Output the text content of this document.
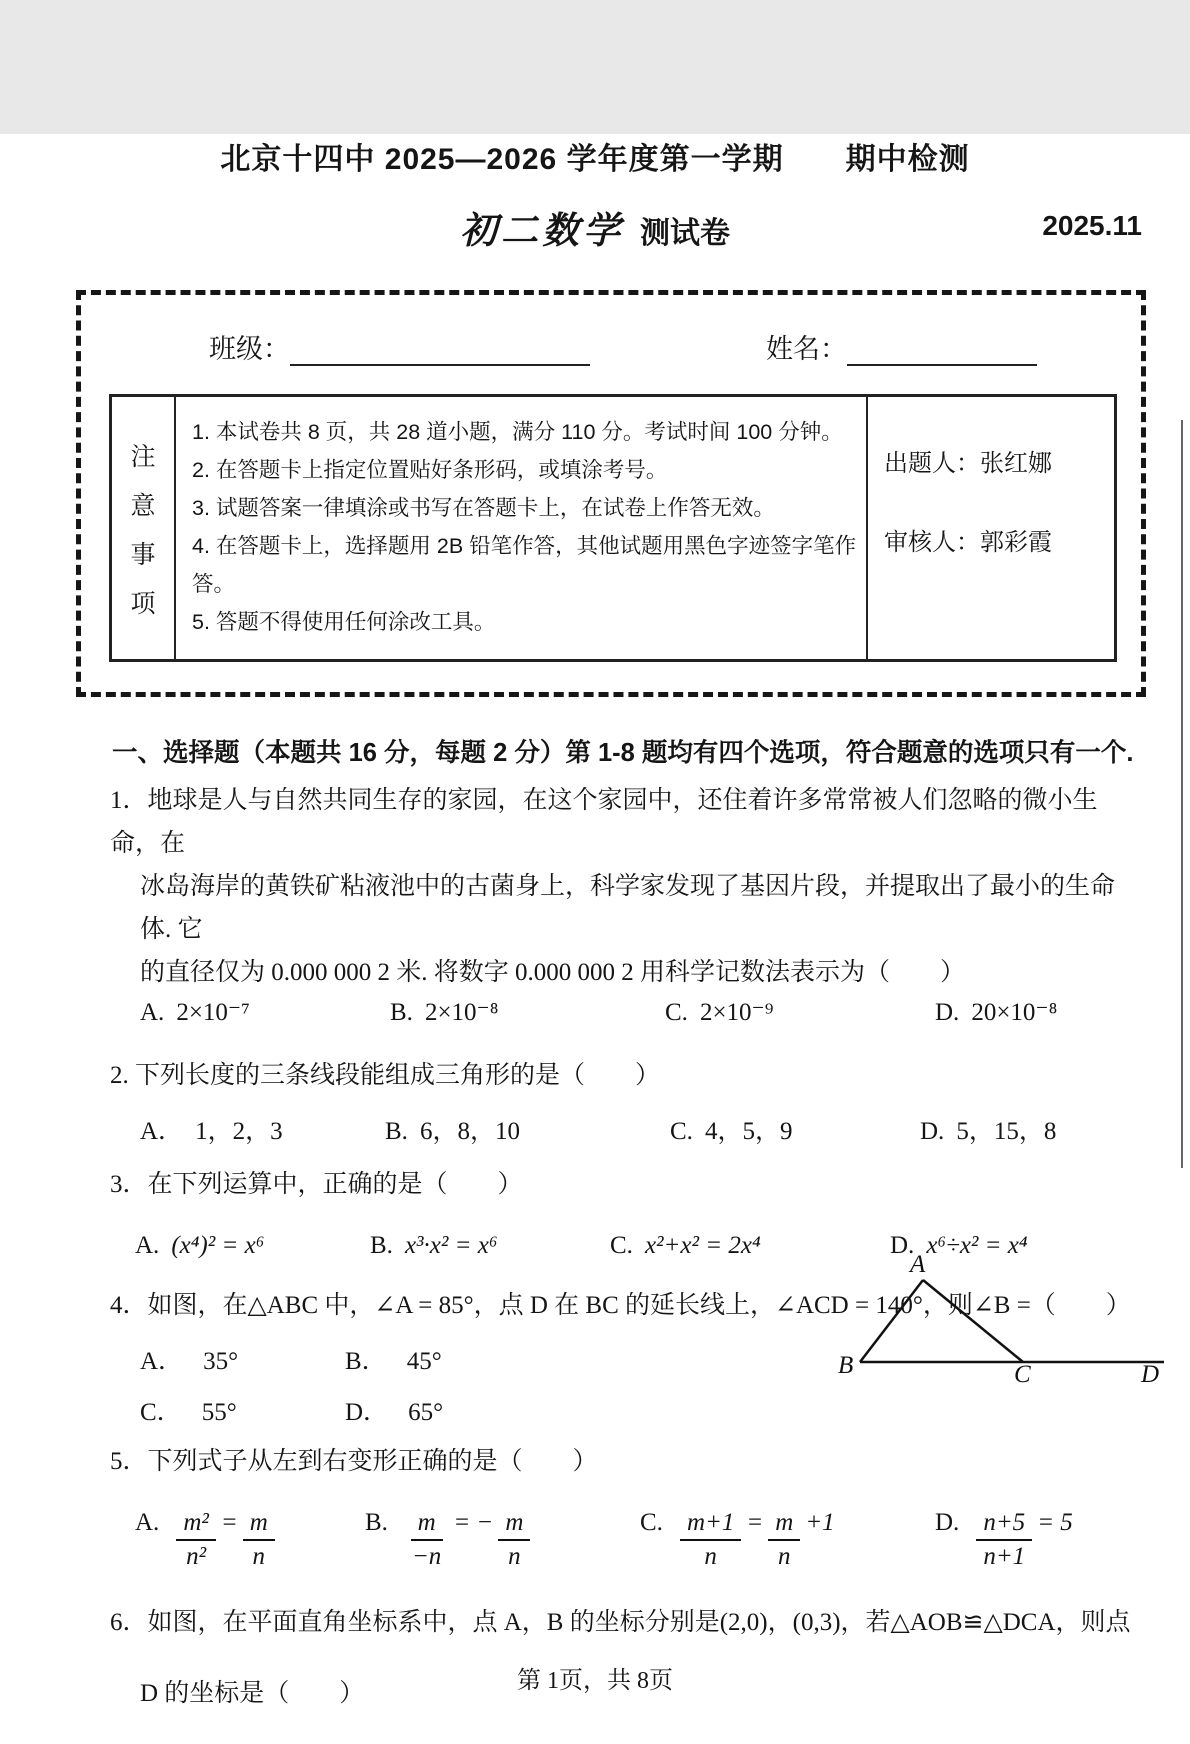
北京十四中 2025—2026 学年度第一学期　　期中检测
初二数学 测试卷	2025.11
班级：	姓名：
注
意
事
项
1. 本试卷共 8 页，共 28 道小题，满分 110 分。考试时间 100 分钟。
2. 在答题卡上指定位置贴好条形码，或填涂考号。
3. 试题答案一律填涂或书写在答题卡上，在试卷上作答无效。
4. 在答题卡上，选择题用 2B 铅笔作答，其他试题用黑色字迹签字笔作答。
5. 答题不得使用任何涂改工具。
出题人：张红娜
审核人：郭彩霞
一、选择题（本题共 16 分，每题 2 分）第 1-8 题均有四个选项，符合题意的选项只有一个.

1．地球是人与自然共同生存的家园，在这个家园中，还住着许多常常被人们忽略的微小生命，在

冰岛海岸的黄铁矿粘液池中的古菌身上，科学家发现了基因片段，并提取出了最小的生命体. 它

的直径仅为 0.000 000 2 米. 将数字 0.000 000 2 用科学记数法表示为（　　）

A. 2×10⁻⁷	B. 2×10⁻⁸	C. 2×10⁻⁹	D. 20×10⁻⁸

2. 下列长度的三条线段能组成三角形的是（　　）

A． 1，2，3	B. 6，8，10	C. 4，5，9	D. 5，15，8

3．在下列运算中，正确的是（　　）

A. (x⁴)² = x⁶	B. x³·x² = x⁶	C. x²+x² = 2x⁴	D. x⁶÷x² = x⁴

4．如图，在△ABC 中，∠A = 85°，点 D 在 BC 的延长线上，∠ACD = 140°，则∠B =（　　）

A． 35°	B． 45°
C． 55°	D． 65°
A
B	C	D

5．下列式子从左到右变形正确的是（　　）

A. $\frac{\text{m²}}{\text{n²}} = \frac{m}{n}$	B. $\frac{m}{-n}$ = − $\frac{m}{n}$	C. $\frac{m+1}{n} = \frac{m}{n} +1$	D. $\frac{n+5}{n+1} = 5$

6．如图，在平面直角坐标系中，点 A，B 的坐标分别是(2,0)，(0,3)，若△AOB≌△DCA，则点

D 的坐标是（　　）	第 1页，共 8页
